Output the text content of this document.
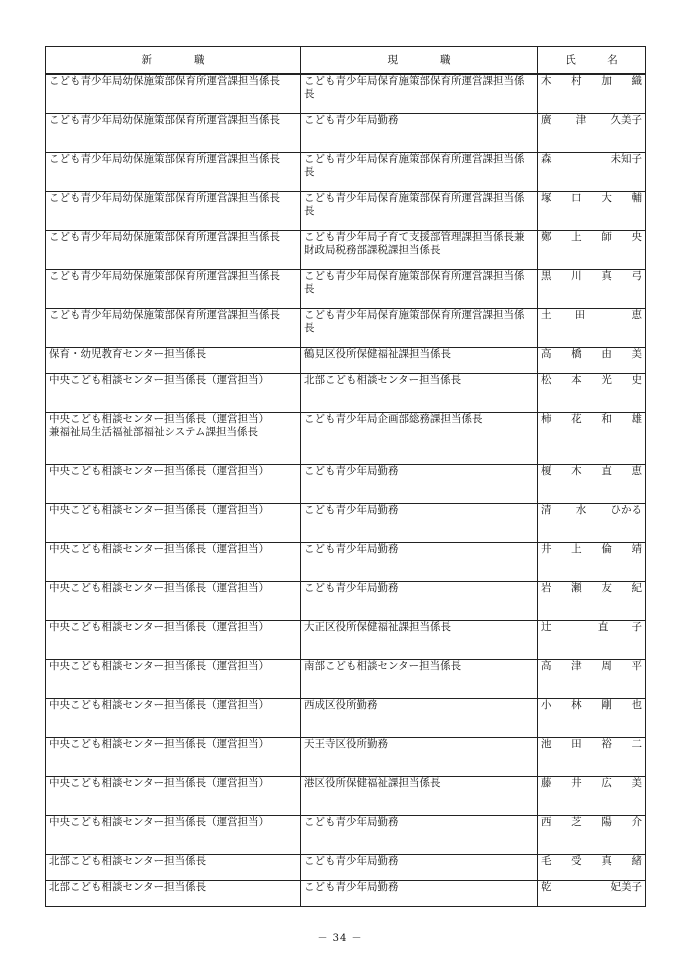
新　　　　職	現　　　　職	氏　　　名
こども青少年局幼保施策部保育所運営課担当係長	こども青少年局保育施策部保育所運営課担当係長	木 村 加 織

こども青少年局幼保施策部保育所運営課担当係長	こども青少年局勤務	廣 津 久美子

こども青少年局幼保施策部保育所運営課担当係長	こども青少年局保育施策部保育所運営課担当係長	森 未知子

こども青少年局幼保施策部保育所運営課担当係長	こども青少年局保育施策部保育所運営課担当係長	塚 口 大 輔

こども青少年局幼保施策部保育所運営課担当係長	こども青少年局子育て支援部管理課担当係長兼財政局税務部課税課担当係長	鄭 上 師 央

こども青少年局幼保施策部保育所運営課担当係長	こども青少年局保育施策部保育所運営課担当係長	黒 川 真 弓

こども青少年局幼保施策部保育所運営課担当係長	こども青少年局保育施策部保育所運営課担当係長	土 田 恵

保育・幼児教育センター担当係長	鶴見区役所保健福祉課担当係長	高 橋 由 美

中央こども相談センター担当係長（運営担当）	北部こども相談センター担当係長	松 本 光 史

中央こども相談センター担当係長（運営担当）
兼福祉局生活福祉部福祉システム課担当係長	こども青少年局企画部総務課担当係長	柿 花 和 雄

中央こども相談センター担当係長（運営担当）	こども青少年局勤務	榎 木 直 恵

中央こども相談センター担当係長（運営担当）	こども青少年局勤務	清 水 ひかる

中央こども相談センター担当係長（運営担当）	こども青少年局勤務	井 上 倫 靖

中央こども相談センター担当係長（運営担当）	こども青少年局勤務	岩 瀬 友 紀

中央こども相談センター担当係長（運営担当）	大正区役所保健福祉課担当係長	辻 直 子

中央こども相談センター担当係長（運営担当）	南部こども相談センター担当係長	高 津 周 平

中央こども相談センター担当係長（運営担当）	西成区役所勤務	小 林 剛 也

中央こども相談センター担当係長（運営担当）	天王寺区役所勤務	池 田 裕 二

中央こども相談センター担当係長（運営担当）	港区役所保健福祉課担当係長	藤 井 広 美

中央こども相談センター担当係長（運営担当）	こども青少年局勤務	西 芝 陽 介

北部こども相談センター担当係長	こども青少年局勤務	毛 受 真 緒

北部こども相談センター担当係長	こども青少年局勤務	乾 妃美子
－ 34 －
